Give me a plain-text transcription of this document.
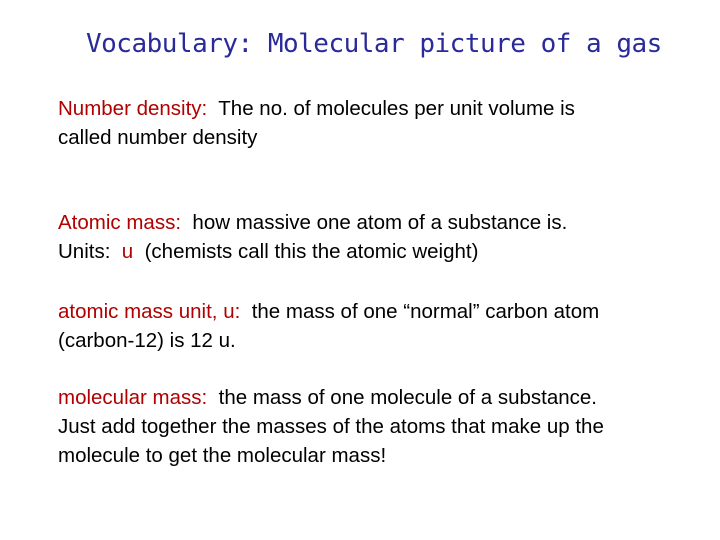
Vocabulary: Molecular picture of a gas
Number density:  The no. of molecules per unit volume is
called number density
Atomic mass:  how massive one atom of a substance is.
Units:  u  (chemists call this the atomic weight)
atomic mass unit, u:  the mass of one “normal” carbon atom
(carbon-12) is 12 u.
molecular mass:  the mass of one molecule of a substance.
Just add together the masses of the atoms that make up the
molecule to get the molecular mass!
